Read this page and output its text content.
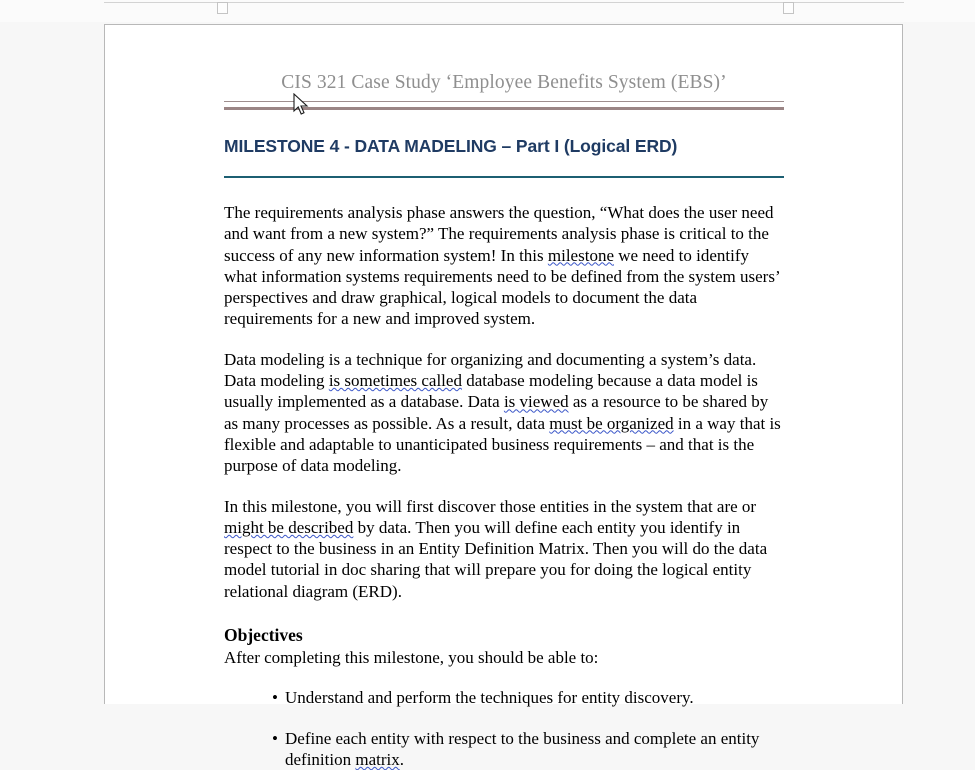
CIS 321 Case Study ‘Employee Benefits System (EBS)’
MILESTONE 4 - DATA MADELING – Part I (Logical ERD)

The requirements analysis phase answers the question, “What does the user need and want from a new system?” The requirements analysis phase is critical to the success of any new information system! In this milestone we need to identify what information systems requirements need to be defined from the system users’ perspectives and draw graphical, logical models to document the data requirements for a new and improved system.

Data modeling is a technique for organizing and documenting a system’s data. Data modeling is sometimes called database modeling because a data model is usually implemented as a database. Data is viewed as a resource to be shared by as many processes as possible. As a result, data must be organized in a way that is flexible and adaptable to unanticipated business requirements – and that is the purpose of data modeling.

In this milestone, you will first discover those entities in the system that are or might be described by data. Then you will define each entity you identify in respect to the business in an Entity Definition Matrix. Then you will do the data model tutorial in doc sharing that will prepare you for doing the logical entity relational diagram (ERD).

Objectives
After completing this milestone, you should be able to:
• Understand and perform the techniques for entity discovery.
• Define each entity with respect to the business and complete an entity definition matrix.
